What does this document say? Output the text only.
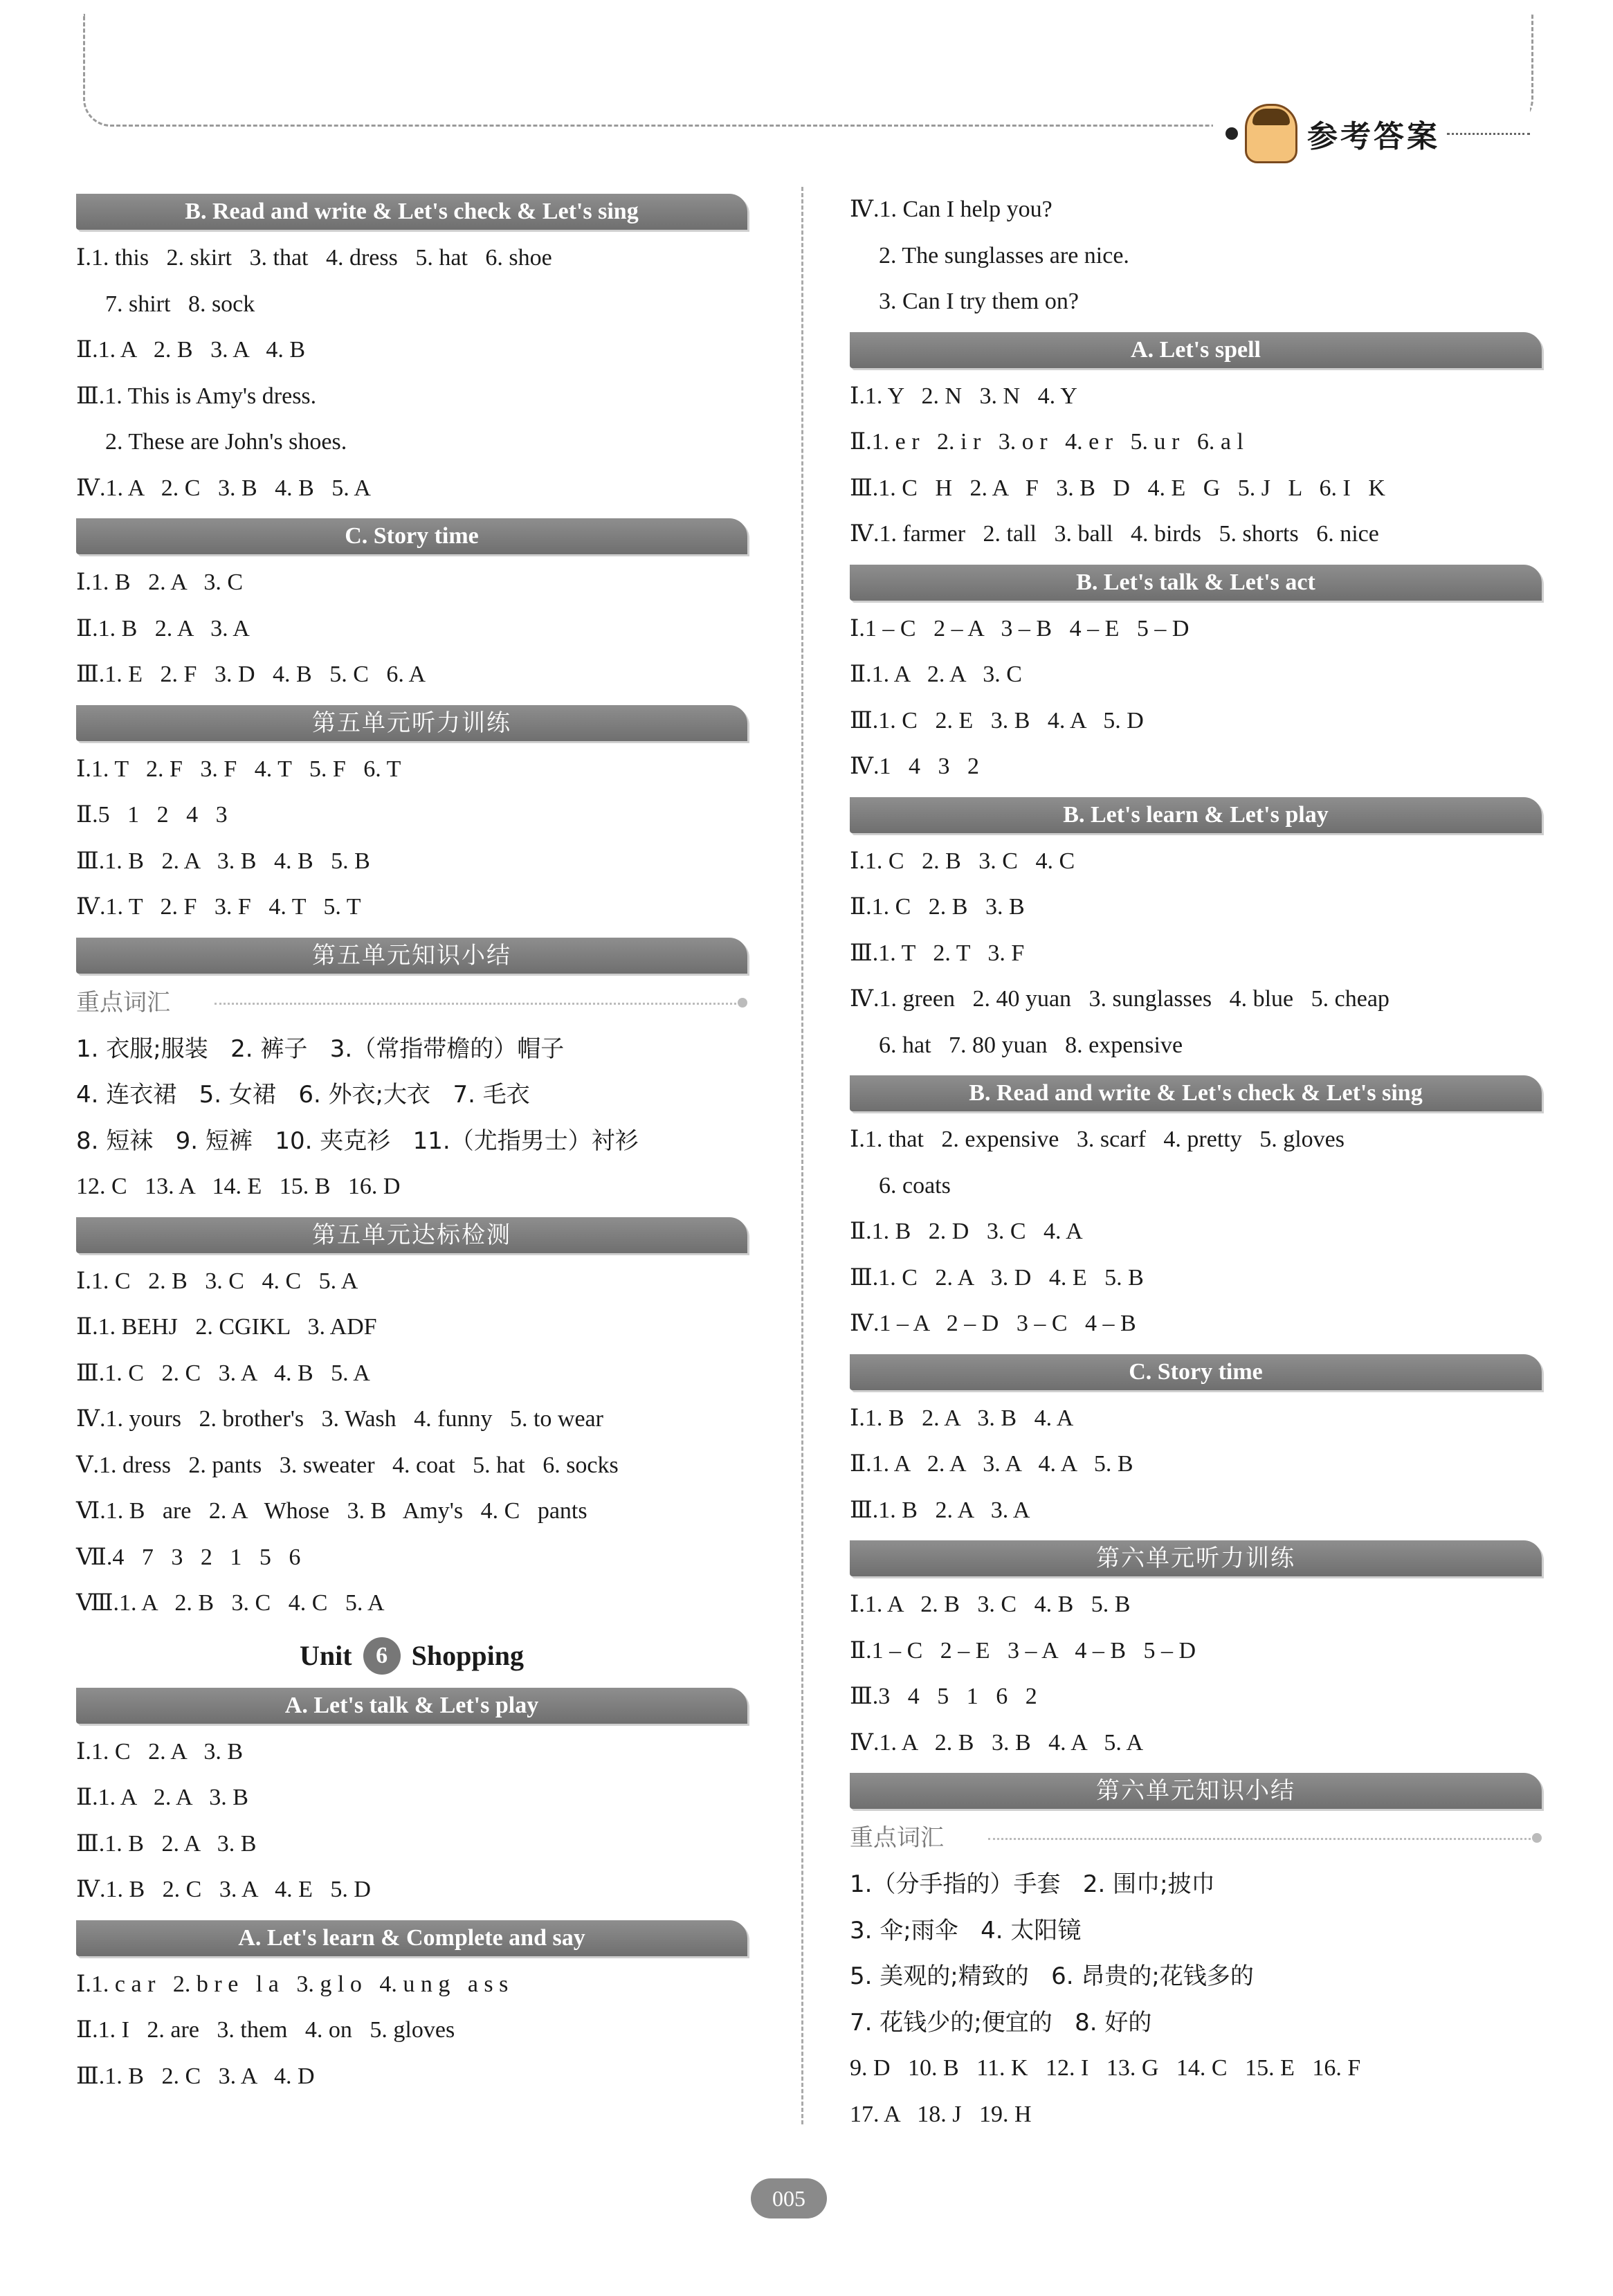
参考答案
B. Read and write & Let's check & Let's sing
Ⅰ.1. this   2. skirt   3. that   4. dress   5. hat   6. shoe
7. shirt   8. sock
Ⅱ.1. A   2. B   3. A   4. B
Ⅲ.1. This is Amy's dress.
2. These are John's shoes.
Ⅳ.1. A   2. C   3. B   4. B   5. A
C. Story time
Ⅰ.1. B   2. A   3. C
Ⅱ.1. B   2. A   3. A
Ⅲ.1. E   2. F   3. D   4. B   5. C   6. A
第五单元听力训练
Ⅰ.1. T   2. F   3. F   4. T   5. F   6. T
Ⅱ.5   1   2   4   3
Ⅲ.1. B   2. A   3. B   4. B   5. B
Ⅳ.1. T   2. F   3. F   4. T   5. T
第五单元知识小结
重点词汇
1. 衣服;服装   2. 裤子   3.（常指带檐的）帽子
4. 连衣裙   5. 女裙   6. 外衣;大衣   7. 毛衣
8. 短袜   9. 短裤   10. 夹克衫   11.（尤指男士）衬衫
12. C   13. A   14. E   15. B   16. D
第五单元达标检测
Ⅰ.1. C   2. B   3. C   4. C   5. A
Ⅱ.1. BEHJ   2. CGIKL   3. ADF
Ⅲ.1. C   2. C   3. A   4. B   5. A
Ⅳ.1. yours   2. brother's   3. Wash   4. funny   5. to wear
Ⅴ.1. dress   2. pants   3. sweater   4. coat   5. hat   6. socks
Ⅵ.1. B   are   2. A   Whose   3. B   Amy's   4. C   pants
Ⅶ.4   7   3   2   1   5   6
Ⅷ.1. A   2. B   3. C   4. C   5. A
Unit	6 Shopping
A. Let's talk & Let's play
Ⅰ.1. C   2. A   3. B
Ⅱ.1. A   2. A   3. B
Ⅲ.1. B   2. A   3. B
Ⅳ.1. B   2. C   3. A   4. E   5. D
A. Let's learn & Complete and say
Ⅰ.1. c a r   2. b r e   l a   3. g l o   4. u n g   a s s
Ⅱ.1. I   2. are   3. them   4. on   5. gloves
Ⅲ.1. B   2. C   3. A   4. D
Ⅳ.1. Can I help you?
2. The sunglasses are nice.
3. Can I try them on?
A. Let's spell
Ⅰ.1. Y   2. N   3. N   4. Y
Ⅱ.1. e r   2. i r   3. o r   4. e r   5. u r   6. a l
Ⅲ.1. C   H   2. A   F   3. B   D   4. E   G   5. J   L   6. I   K
Ⅳ.1. farmer   2. tall   3. ball   4. birds   5. shorts   6. nice
B. Let's talk & Let's act
Ⅰ.1 – C   2 – A   3 – B   4 – E   5 – D
Ⅱ.1. A   2. A   3. C
Ⅲ.1. C   2. E   3. B   4. A   5. D
Ⅳ.1   4   3   2
B. Let's learn & Let's play
Ⅰ.1. C   2. B   3. C   4. C
Ⅱ.1. C   2. B   3. B
Ⅲ.1. T   2. T   3. F
Ⅳ.1. green   2. 40 yuan   3. sunglasses   4. blue   5. cheap
6. hat   7. 80 yuan   8. expensive
B. Read and write & Let's check & Let's sing
Ⅰ.1. that   2. expensive   3. scarf   4. pretty   5. gloves
6. coats
Ⅱ.1. B   2. D   3. C   4. A
Ⅲ.1. C   2. A   3. D   4. E   5. B
Ⅳ.1 – A   2 – D   3 – C   4 – B
C. Story time
Ⅰ.1. B   2. A   3. B   4. A
Ⅱ.1. A   2. A   3. A   4. A   5. B
Ⅲ.1. B   2. A   3. A
第六单元听力训练
Ⅰ.1. A   2. B   3. C   4. B   5. B
Ⅱ.1 – C   2 – E   3 – A   4 – B   5 – D
Ⅲ.3   4   5   1   6   2
Ⅳ.1. A   2. B   3. B   4. A   5. A
第六单元知识小结
重点词汇
1.（分手指的）手套   2. 围巾;披巾
3. 伞;雨伞   4. 太阳镜
5. 美观的;精致的   6. 昂贵的;花钱多的
7. 花钱少的;便宜的   8. 好的
9. D   10. B   11. K   12. I   13. G   14. C   15. E   16. F
17. A   18. J   19. H
005
